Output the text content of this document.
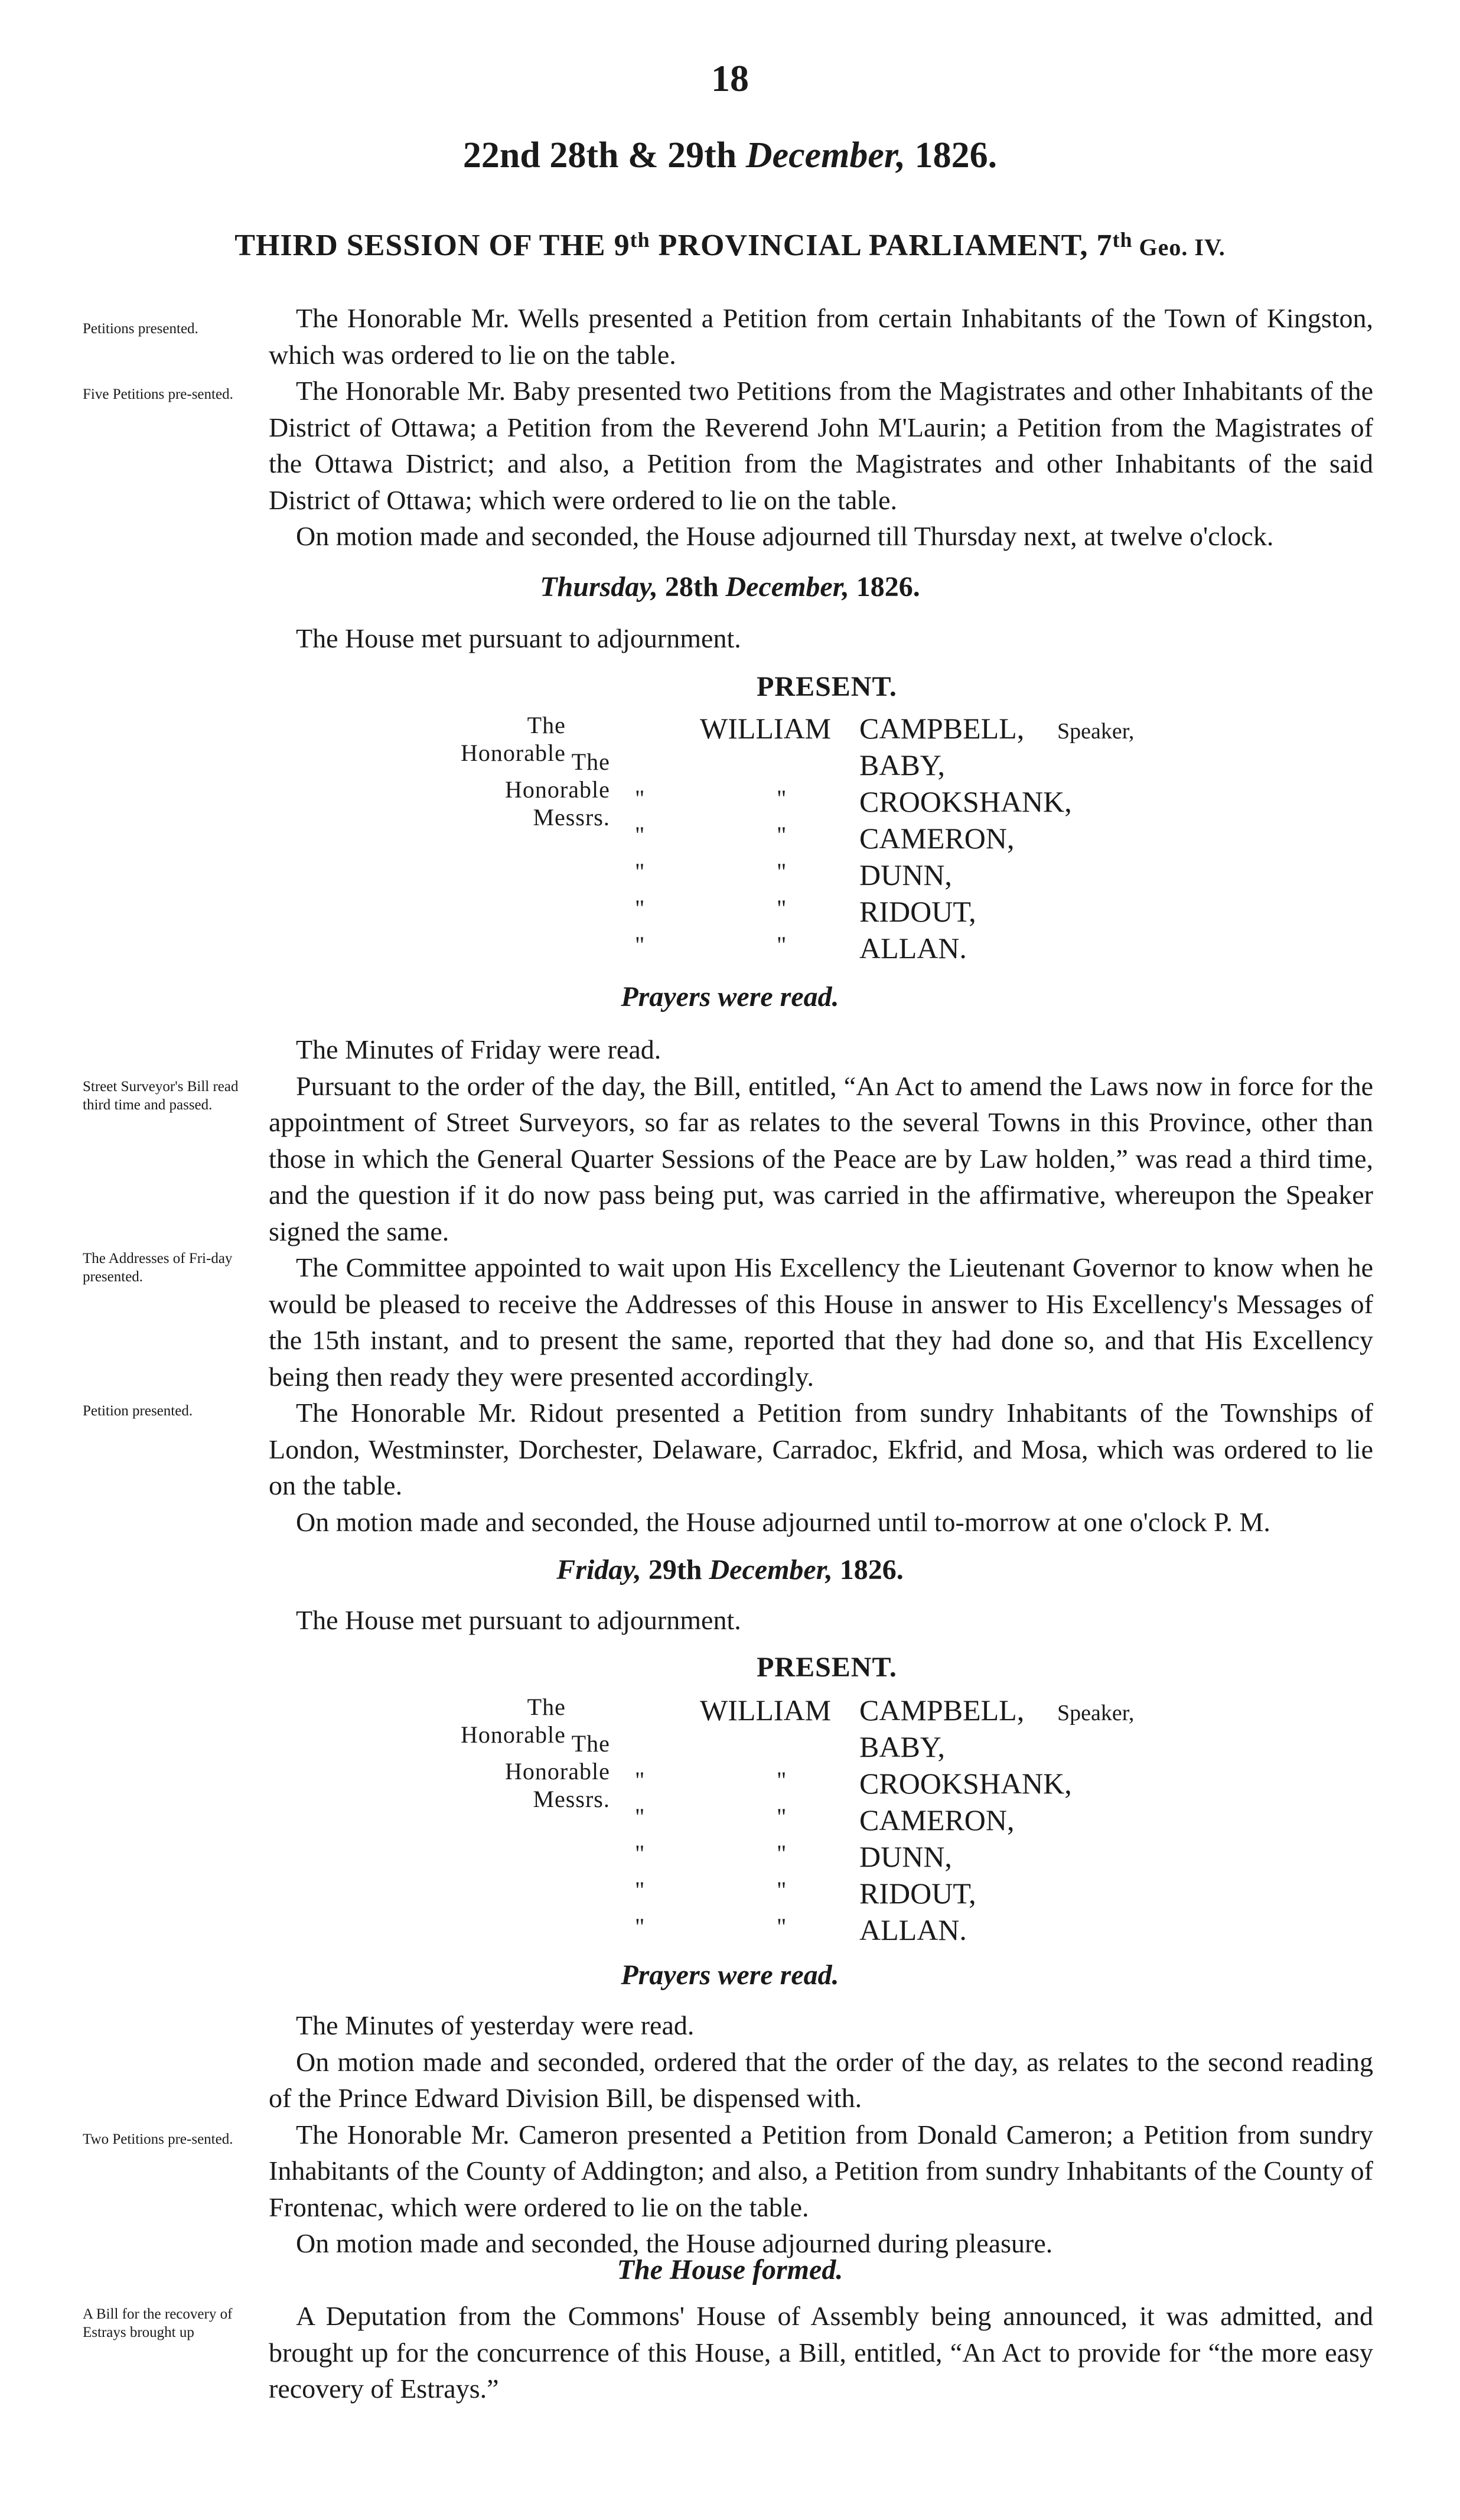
18
22nd 28th & 29th December, 1826.
THIRD SESSION OF THE 9th PROVINCIAL PARLIAMENT, 7th Geo. IV.
Petitions presented.
Five Petitions pre-sented.
Street Surveyor's Bill read third time and passed.
The Addresses of Fri-day presented.
Petition presented.
Two Petitions pre-sented.
A Bill for the recovery of Estrays brought up

The Honorable Mr. Wells presented a Petition from certain Inhabitants of the Town of Kingston, which was ordered to lie on the table.

The Honorable Mr. Baby presented two Petitions from the Magistrates and other Inhabitants of the District of Ottawa; a Petition from the Reverend John M'Laurin; a Petition from the Magistrates of the Ottawa District; and also, a Petition from the Magistrates and other Inhabitants of the said District of Ottawa; which were ordered to lie on the table.

On motion made and seconded, the House adjourned till Thursday next, at twelve o'clock.

Thursday, 28th December, 1826.

The House met pursuant to adjournment.

PRESENT.
The Honorable
WILLIAM CAMPBELL, Speaker,
The Honorable Messrs.
BABY,
"	" CROOKSHANK,
"	" CAMERON,
"	" DUNN,
"	" RIDOUT,
"	" ALLAN.
Prayers were read.

The Minutes of Friday were read.

Pursuant to the order of the day, the Bill, entitled, “An Act to amend the Laws now in force for the appointment of Street Surveyors, so far as relates to the several Towns in this Province, other than those in which the General Quarter Sessions of the Peace are by Law holden,” was read a third time, and the question if it do now pass being put, was carried in the affirmative, whereupon the Speaker signed the same.

The Committee appointed to wait upon His Excellency the Lieutenant Governor to know when he would be pleased to receive the Addresses of this House in answer to His Excellency's Messages of the 15th instant, and to present the same, reported that they had done so, and that His Excellency being then ready they were presented accordingly.

The Honorable Mr. Ridout presented a Petition from sundry Inhabitants of the Townships of London, Westminster, Dorchester, Delaware, Carradoc, Ekfrid, and Mosa, which was ordered to lie on the table.

On motion made and seconded, the House adjourned until to-morrow at one o'clock P. M.

Friday, 29th December, 1826.

The House met pursuant to adjournment.

PRESENT.
The Honorable
WILLIAM CAMPBELL, Speaker,
The Honorable Messrs.
BABY,
"	" CROOKSHANK,
"	" CAMERON,
"	" DUNN,
"	" RIDOUT,
"	" ALLAN.
Prayers were read.

The Minutes of yesterday were read.

On motion made and seconded, ordered that the order of the day, as relates to the second reading of the Prince Edward Division Bill, be dispensed with.

The Honorable Mr. Cameron presented a Petition from Donald Cameron; a Petition from sundry Inhabitants of the County of Addington; and also, a Petition from sundry Inhabitants of the County of Frontenac, which were ordered to lie on the table.

On motion made and seconded, the House adjourned during pleasure.

The House formed.

A Deputation from the Commons' House of Assembly being announced, it was admitted, and brought up for the concurrence of this House, a Bill, entitled, “An Act to provide for “the more easy recovery of Estrays.”
